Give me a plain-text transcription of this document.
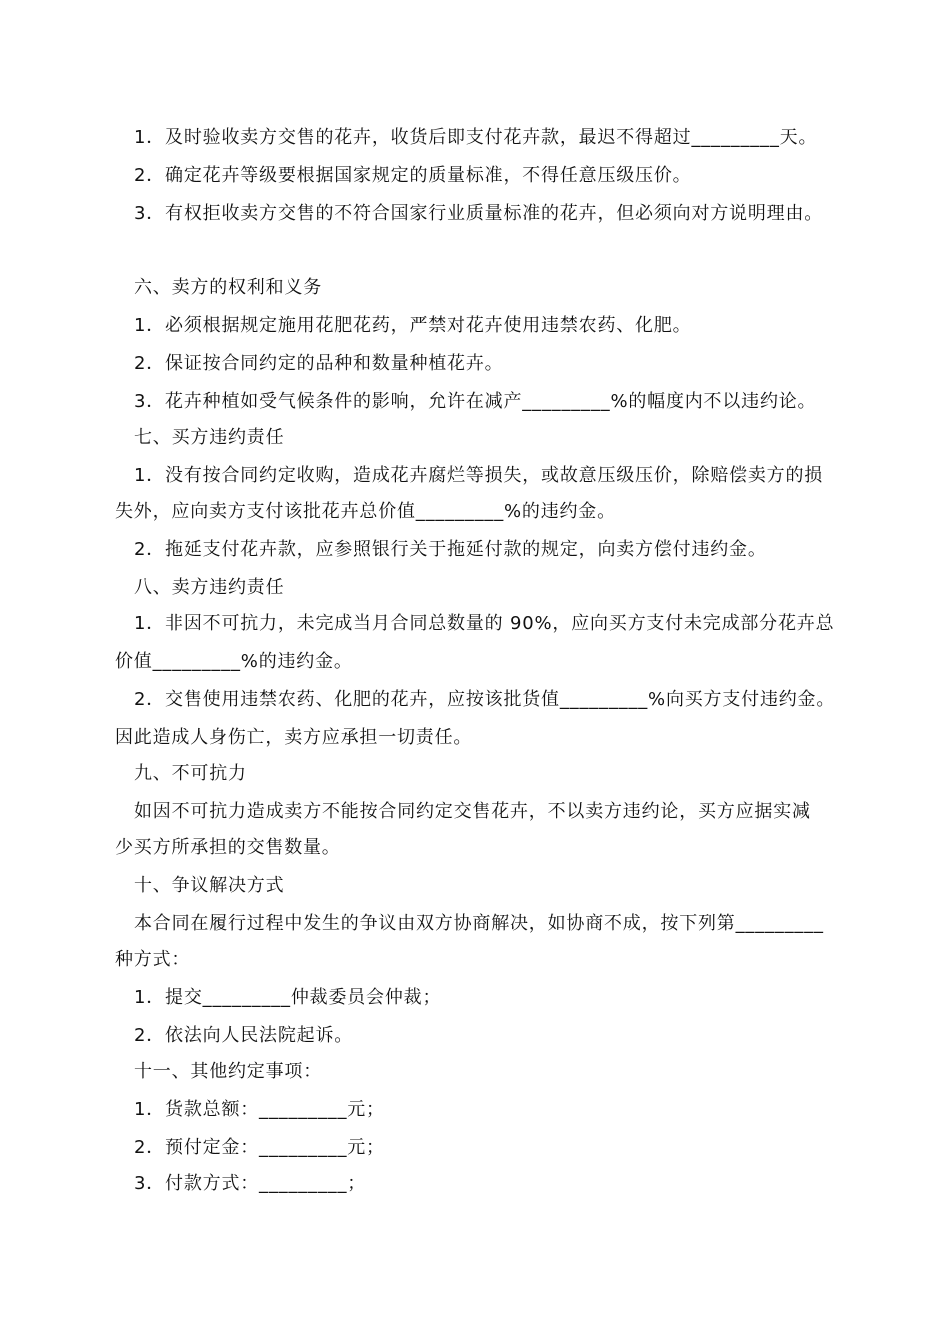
1．及时验收卖方交售的花卉，收货后即支付花卉款，最迟不得超过_________天。
2．确定花卉等级要根据国家规定的质量标准，不得任意压级压价。
3．有权拒收卖方交售的不符合国家行业质量标准的花卉，但必须向对方说明理由。
六、卖方的权利和义务
1．必须根据规定施用花肥花药，严禁对花卉使用违禁农药、化肥。
2．保证按合同约定的品种和数量种植花卉。
3．花卉种植如受气候条件的影响，允许在减产_________%的幅度内不以违约论。
七、买方违约责任
1．没有按合同约定收购，造成花卉腐烂等损失，或故意压级压价，除赔偿卖方的损
失外，应向卖方支付该批花卉总价值_________%的违约金。
2．拖延支付花卉款，应参照银行关于拖延付款的规定，向卖方偿付违约金。
八、卖方违约责任
1．非因不可抗力，未完成当月合同总数量的 90%，应向买方支付未完成部分花卉总
价值_________%的违约金。
2．交售使用违禁农药、化肥的花卉，应按该批货值_________%向买方支付违约金。
因此造成人身伤亡，卖方应承担一切责任。
九、不可抗力
如因不可抗力造成卖方不能按合同约定交售花卉，不以卖方违约论，买方应据实减
少买方所承担的交售数量。
十、争议解决方式
本合同在履行过程中发生的争议由双方协商解决，如协商不成，按下列第_________
种方式：
1．提交_________仲裁委员会仲裁；
2．依法向人民法院起诉。
十一、其他约定事项：
1．货款总额：_________元；
2．预付定金：_________元；
3．付款方式：_________；
